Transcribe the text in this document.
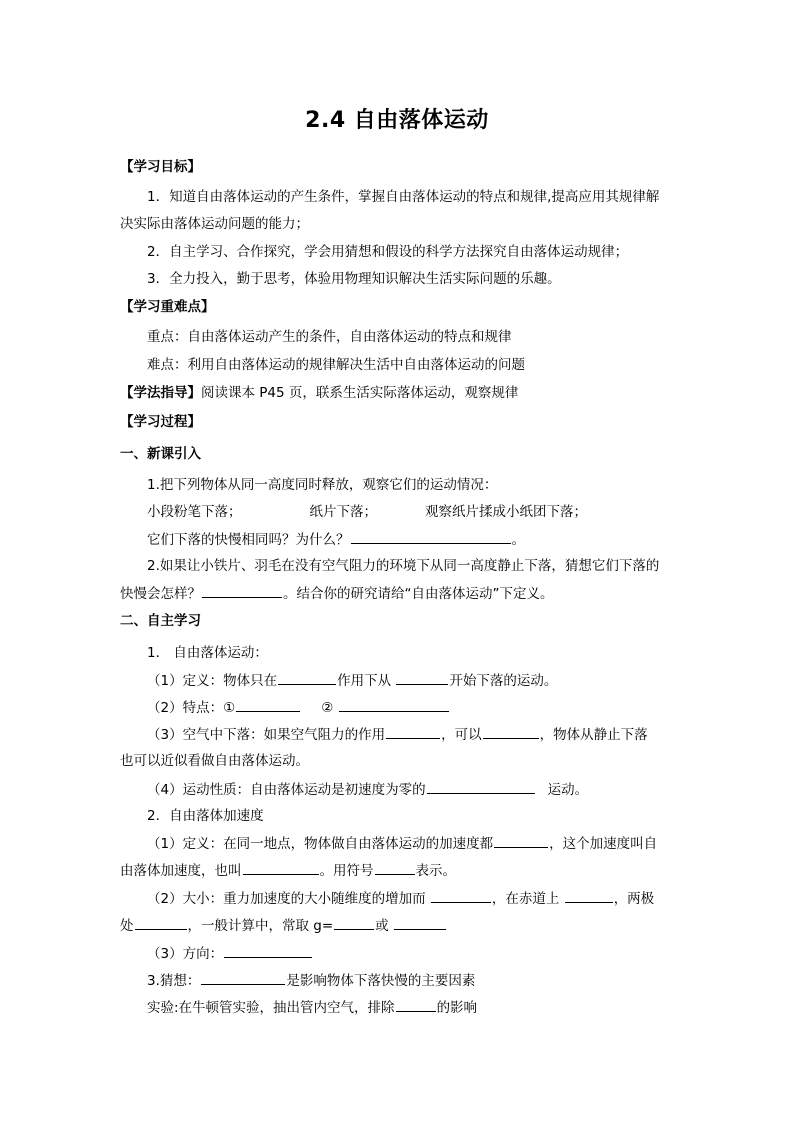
2.4 自由落体运动
【学习目标】
1．知道自由落体运动的产生条件，掌握自由落体运动的特点和规律,提高应用其规律解
决实际由落体运动问题的能力；
2．自主学习、合作探究，学会用猜想和假设的科学方法探究自由落体运动规律；
3．全力投入，勤于思考，体验用物理知识解决生活实际问题的乐趣。
【学习重难点】
重点：自由落体运动产生的条件，自由落体运动的特点和规律
难点：利用自由落体运动的规律解决生活中自由落体运动的问题
【学法指导】阅读课本 P45 页，联系生活实际落体运动，观察规律
【学习过程】
一、新课引入
1.把下列物体从同一高度同时释放，观察它们的运动情况：
小段粉笔下落；	纸片下落；	观察纸片揉成小纸团下落；
它们下落的快慢相同吗？为什么？	。
2.如果让小铁片、羽毛在没有空气阻力的环境下从同一高度静止下落，猜想它们下落的
快慢会怎样？	。结合你的研究请给“自由落体运动”下定义。
二、自主学习
1． 自由落体运动：
（1）定义：物体只在	作用下从	开始下落的运动。
（2）特点：①	②
（3）空气中下落：如果空气阻力的作用	，可以	，物体从静止下落
也可以近似看做自由落体运动。
（4）运动性质：自由落体运动是初速度为零的	运动。
2．自由落体加速度
（1）定义：在同一地点，物体做自由落体运动的加速度都	，这个加速度叫自
由落体加速度，也叫	。用符号	表示。
（2）大小：重力加速度的大小随维度的增加而	，在赤道上	，两极
处	，一般计算中，常取 g=	或
（3）方向：
3.猜想：	是影响物体下落快慢的主要因素
实验:在牛顿管实验，抽出管内空气，排除	的影响
